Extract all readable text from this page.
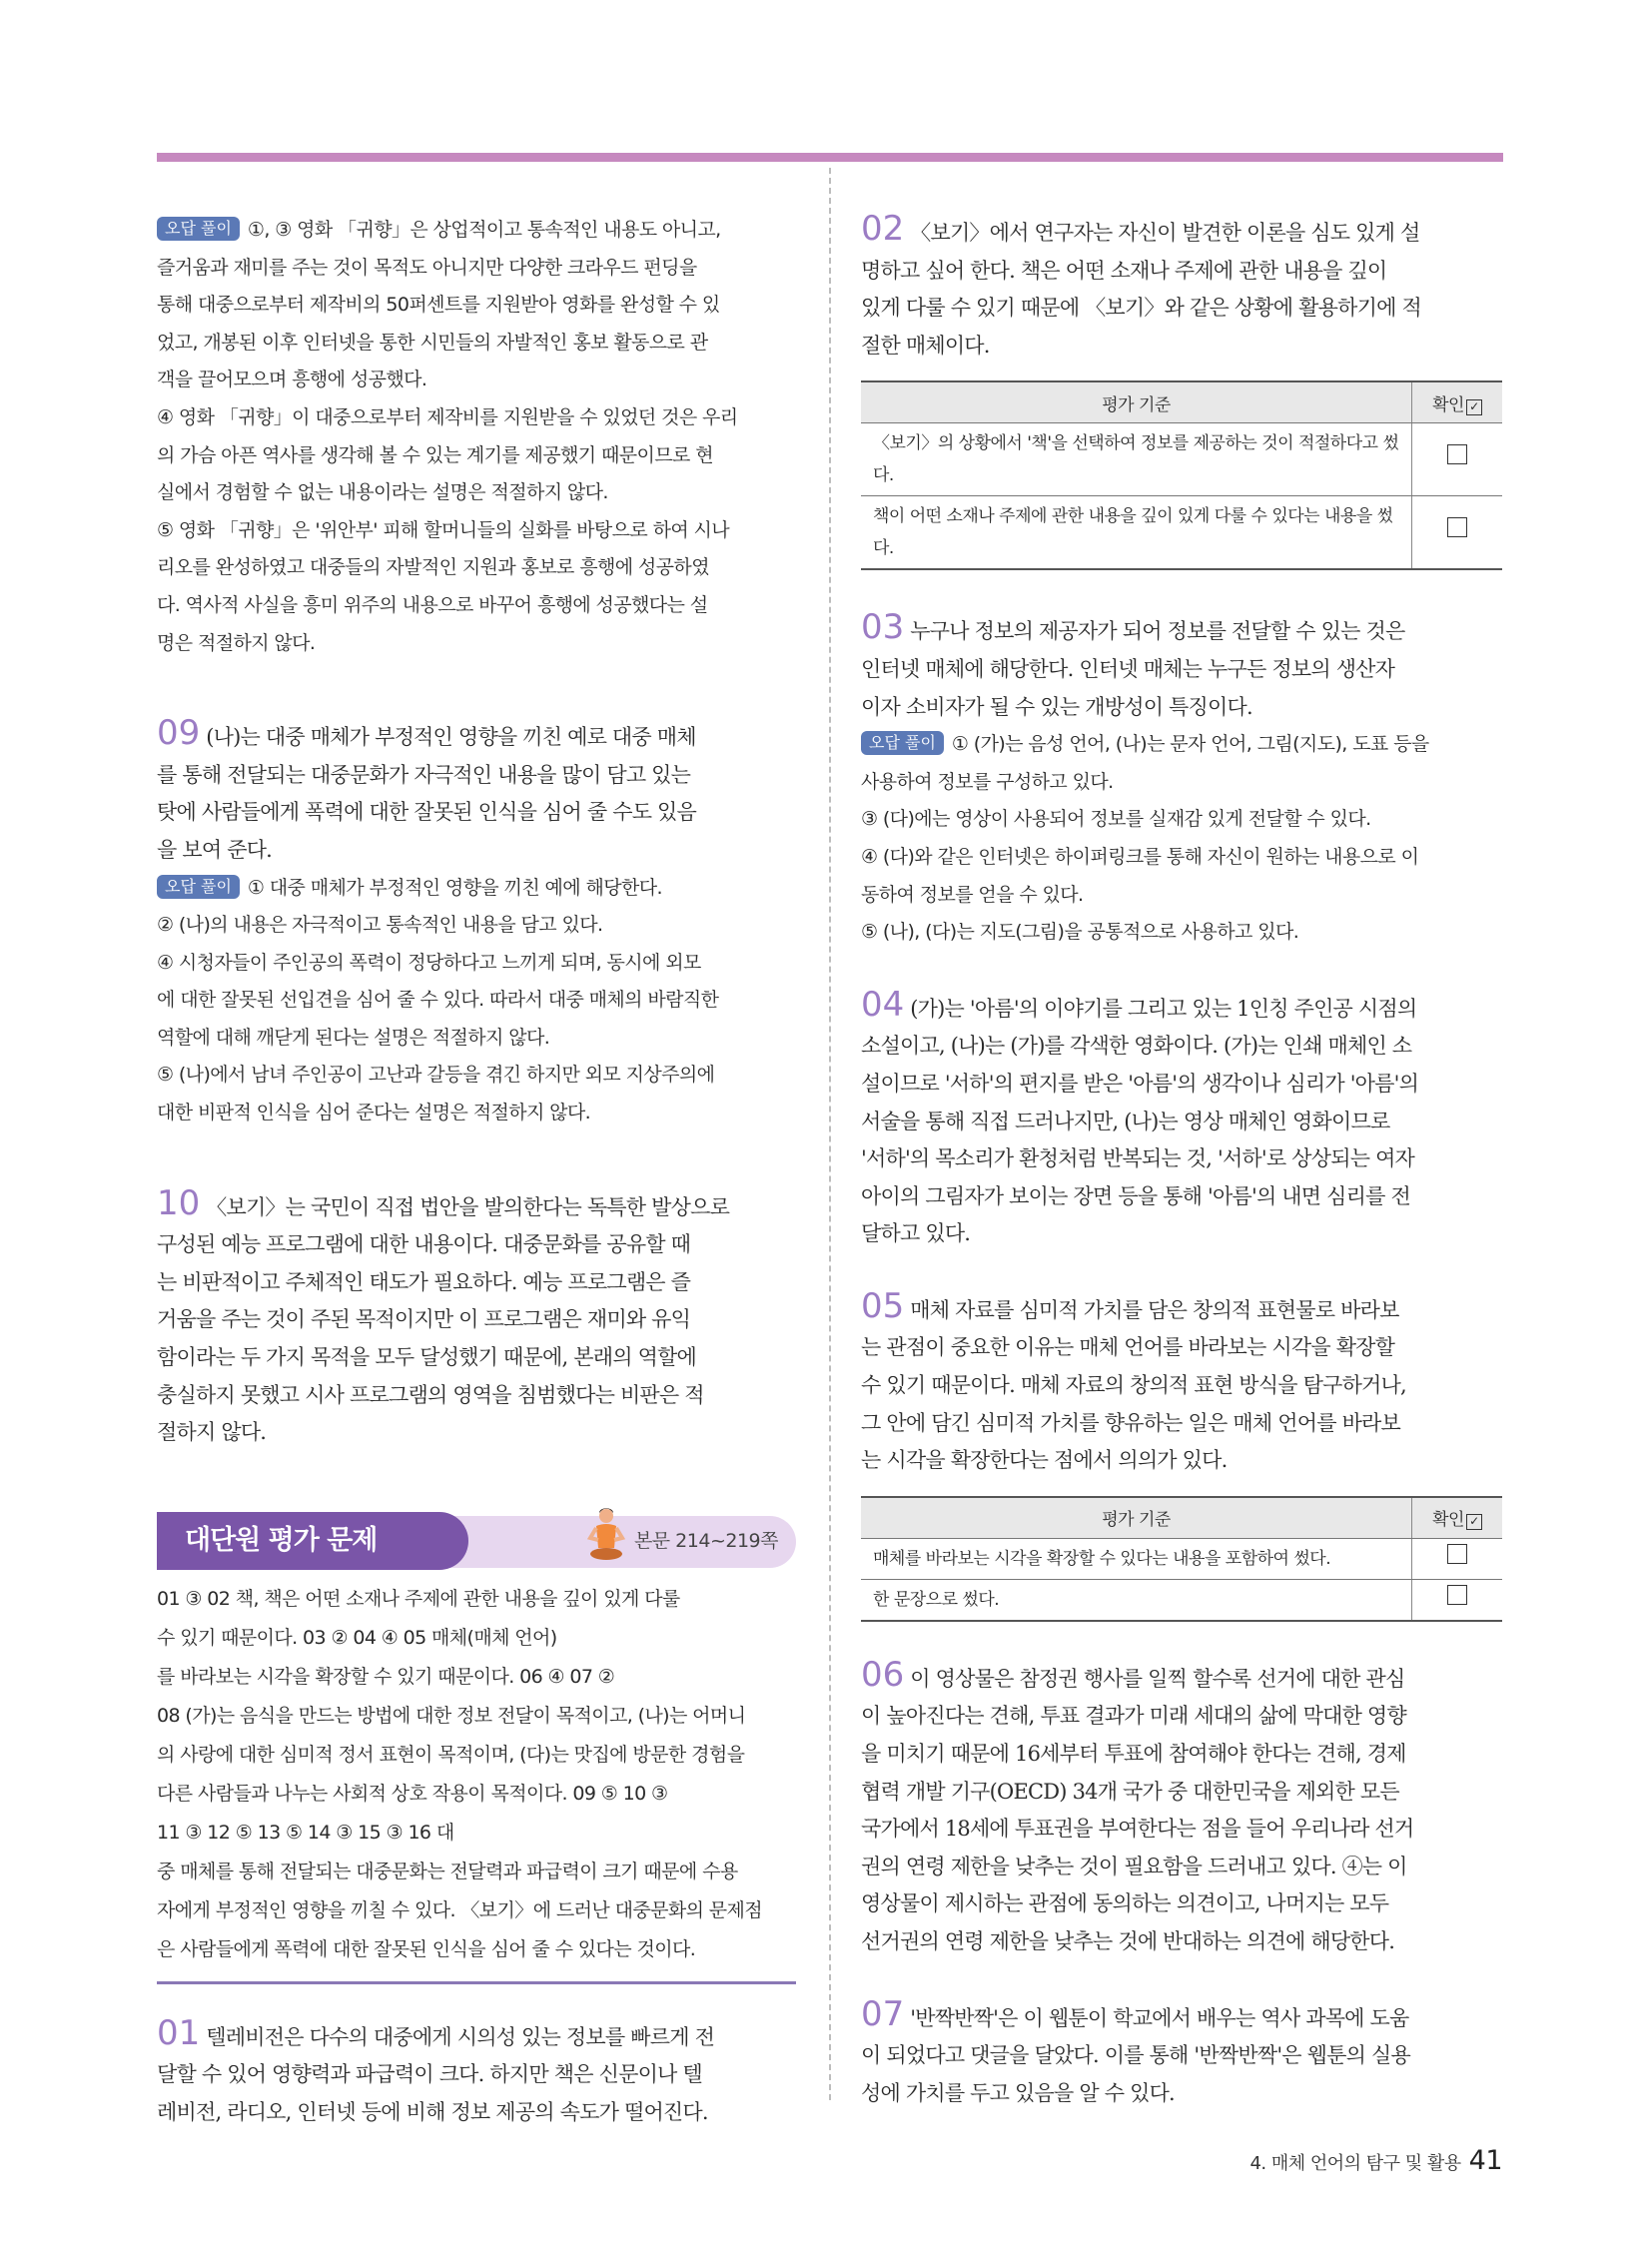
오답 풀이 ①, ③ 영화 「귀향」은 상업적이고 통속적인 내용도 아니고,

즐거움과 재미를 주는 것이 목적도 아니지만 다양한 크라우드 펀딩을

통해 대중으로부터 제작비의 50퍼센트를 지원받아 영화를 완성할 수 있

었고, 개봉된 이후 인터넷을 통한 시민들의 자발적인 홍보 활동으로 관

객을 끌어모으며 흥행에 성공했다.

④ 영화 「귀향」이 대중으로부터 제작비를 지원받을 수 있었던 것은 우리

의 가슴 아픈 역사를 생각해 볼 수 있는 계기를 제공했기 때문이므로 현

실에서 경험할 수 없는 내용이라는 설명은 적절하지 않다.

⑤ 영화 「귀향」은 '위안부' 피해 할머니들의 실화를 바탕으로 하여 시나

리오를 완성하였고 대중들의 자발적인 지원과 홍보로 흥행에 성공하였

다. 역사적 사실을 흥미 위주의 내용으로 바꾸어 흥행에 성공했다는 설

명은 적절하지 않다.

09 (나)는 대중 매체가 부정적인 영향을 끼친 예로 대중 매체

를 통해 전달되는 대중문화가 자극적인 내용을 많이 담고 있는

탓에 사람들에게 폭력에 대한 잘못된 인식을 심어 줄 수도 있음

을 보여 준다.

오답 풀이 ① 대중 매체가 부정적인 영향을 끼친 예에 해당한다.

② (나)의 내용은 자극적이고 통속적인 내용을 담고 있다.

④ 시청자들이 주인공의 폭력이 정당하다고 느끼게 되며, 동시에 외모

에 대한 잘못된 선입견을 심어 줄 수 있다. 따라서 대중 매체의 바람직한

역할에 대해 깨닫게 된다는 설명은 적절하지 않다.

⑤ (나)에서 남녀 주인공이 고난과 갈등을 겪긴 하지만 외모 지상주의에

대한 비판적 인식을 심어 준다는 설명은 적절하지 않다.

10 〈보기〉는 국민이 직접 법안을 발의한다는 독특한 발상으로

구성된 예능 프로그램에 대한 내용이다. 대중문화를 공유할 때

는 비판적이고 주체적인 태도가 필요하다. 예능 프로그램은 즐

거움을 주는 것이 주된 목적이지만 이 프로그램은 재미와 유익

함이라는 두 가지 목적을 모두 달성했기 때문에, 본래의 역할에

충실하지 못했고 시사 프로그램의 영역을 침범했다는 비판은 적

절하지 않다.

대단원 평가 문제	본문 214~219쪽

01 ③ 02 책, 책은 어떤 소재나 주제에 관한 내용을 깊이 있게 다룰

수 있기 때문이다. 03 ② 04 ④ 05 매체(매체 언어)

를 바라보는 시각을 확장할 수 있기 때문이다. 06 ④ 07 ②

08 (가)는 음식을 만드는 방법에 대한 정보 전달이 목적이고, (나)는 어머니

의 사랑에 대한 심미적 정서 표현이 목적이며, (다)는 맛집에 방문한 경험을

다른 사람들과 나누는 사회적 상호 작용이 목적이다. 09 ⑤ 10 ③

11 ③ 12 ⑤ 13 ⑤ 14 ③ 15 ③ 16 대

중 매체를 통해 전달되는 대중문화는 전달력과 파급력이 크기 때문에 수용

자에게 부정적인 영향을 끼칠 수 있다. 〈보기〉에 드러난 대중문화의 문제점

은 사람들에게 폭력에 대한 잘못된 인식을 심어 줄 수 있다는 것이다.

01 텔레비전은 다수의 대중에게 시의성 있는 정보를 빠르게 전

달할 수 있어 영향력과 파급력이 크다. 하지만 책은 신문이나 텔

레비전, 라디오, 인터넷 등에 비해 정보 제공의 속도가 떨어진다.

02 〈보기〉에서 연구자는 자신이 발견한 이론을 심도 있게 설

명하고 싶어 한다. 책은 어떤 소재나 주제에 관한 내용을 깊이

있게 다룰 수 있기 때문에 〈보기〉와 같은 상황에 활용하기에 적

절한 매체이다.

평가 기준	확인 ✓
〈보기〉의 상황에서 '책'을 선택하여 정보를 제공하는 것이 적절하다고 썼다.	
책이 어떤 소재나 주제에 관한 내용을 깊이 있게 다룰 수 있다는 내용을 썼다.	

03 누구나 정보의 제공자가 되어 정보를 전달할 수 있는 것은

인터넷 매체에 해당한다. 인터넷 매체는 누구든 정보의 생산자

이자 소비자가 될 수 있는 개방성이 특징이다.

오답 풀이 ① (가)는 음성 언어, (나)는 문자 언어, 그림(지도), 도표 등을

사용하여 정보를 구성하고 있다.

③ (다)에는 영상이 사용되어 정보를 실재감 있게 전달할 수 있다.

④ (다)와 같은 인터넷은 하이퍼링크를 통해 자신이 원하는 내용으로 이

동하여 정보를 얻을 수 있다.

⑤ (나), (다)는 지도(그림)을 공통적으로 사용하고 있다.

04 (가)는 '아름'의 이야기를 그리고 있는 1인칭 주인공 시점의

소설이고, (나)는 (가)를 각색한 영화이다. (가)는 인쇄 매체인 소

설이므로 '서하'의 편지를 받은 '아름'의 생각이나 심리가 '아름'의

서술을 통해 직접 드러나지만, (나)는 영상 매체인 영화이므로

'서하'의 목소리가 환청처럼 반복되는 것, '서하'로 상상되는 여자

아이의 그림자가 보이는 장면 등을 통해 '아름'의 내면 심리를 전

달하고 있다.

05 매체 자료를 심미적 가치를 담은 창의적 표현물로 바라보

는 관점이 중요한 이유는 매체 언어를 바라보는 시각을 확장할

수 있기 때문이다. 매체 자료의 창의적 표현 방식을 탐구하거나,

그 안에 담긴 심미적 가치를 향유하는 일은 매체 언어를 바라보

는 시각을 확장한다는 점에서 의의가 있다.

평가 기준	확인 ✓
매체를 바라보는 시각을 확장할 수 있다는 내용을 포함하여 썼다.	
한 문장으로 썼다.	

06 이 영상물은 참정권 행사를 일찍 할수록 선거에 대한 관심

이 높아진다는 견해, 투표 결과가 미래 세대의 삶에 막대한 영향

을 미치기 때문에 16세부터 투표에 참여해야 한다는 견해, 경제

협력 개발 기구(OECD) 34개 국가 중 대한민국을 제외한 모든

국가에서 18세에 투표권을 부여한다는 점을 들어 우리나라 선거

권의 연령 제한을 낮추는 것이 필요함을 드러내고 있다. ④는 이

영상물이 제시하는 관점에 동의하는 의견이고, 나머지는 모두

선거권의 연령 제한을 낮추는 것에 반대하는 의견에 해당한다.

07 '반짝반짝'은 이 웹툰이 학교에서 배우는 역사 과목에 도움

이 되었다고 댓글을 달았다. 이를 통해 '반짝반짝'은 웹툰의 실용

성에 가치를 두고 있음을 알 수 있다.

4. 매체 언어의 탐구 및 활용 41
